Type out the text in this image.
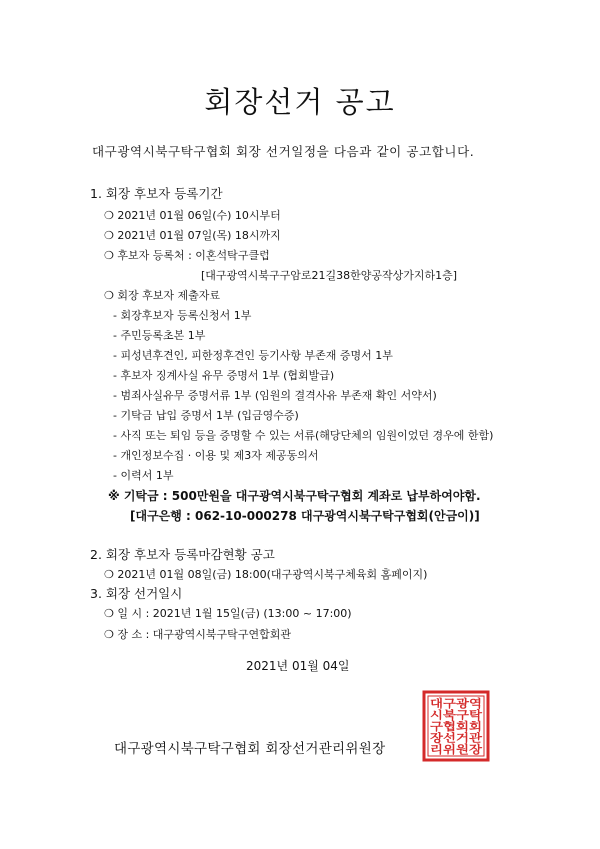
회장선거 공고
대구광역시북구탁구협회 회장 선거일정을 다음과 같이 공고합니다.
1. 회장 후보자 등록기간
❍ 2021년 01월 06일(수) 10시부터
❍ 2021년 01월 07일(목) 18시까지
❍ 후보자 등록처 : 이혼석탁구클럽
[대구광역시북구구암로21길38한양공작상가지하1층]
❍ 회장 후보자 제출자료
- 회장후보자 등록신청서 1부
- 주민등록초본 1부
- 피성년후견인, 피한정후견인 등기사항 부존재 증명서 1부
- 후보자 징계사실 유무 증명서 1부 (협회발급)
- 범죄사실유무 증명서류 1부 (임원의 결격사유 부존재 확인 서약서)
- 기탁금 납입 증명서 1부 (입금영수증)
- 사직 또는 퇴임 등을 증명할 수 있는 서류(해당단체의 임원이었던 경우에 한함)
- 개인정보수집 · 이용 및 제3자 제공동의서
- 이력서 1부
※ 기탁금 : 500만원을 대구광역시북구탁구협회 계좌로 납부하여야함.
[대구은행 : 062-10-000278 대구광역시북구탁구협회(안금이)]
2. 회장 후보자 등록마감현황 공고
❍ 2021년 01월 08일(금) 18:00(대구광역시북구체육회 홈페이지)
3. 회장 선거일시
❍ 일 시 : 2021년 1월 15일(금) (13:00 ~ 17:00)
❍ 장 소 : 대구광역시북구탁구연합회관
2021년 01월 04일
대구광역시북구탁구협회 회장선거관리위원장
대구광역
시북구탁
구협회회
장선거관
리위원장
